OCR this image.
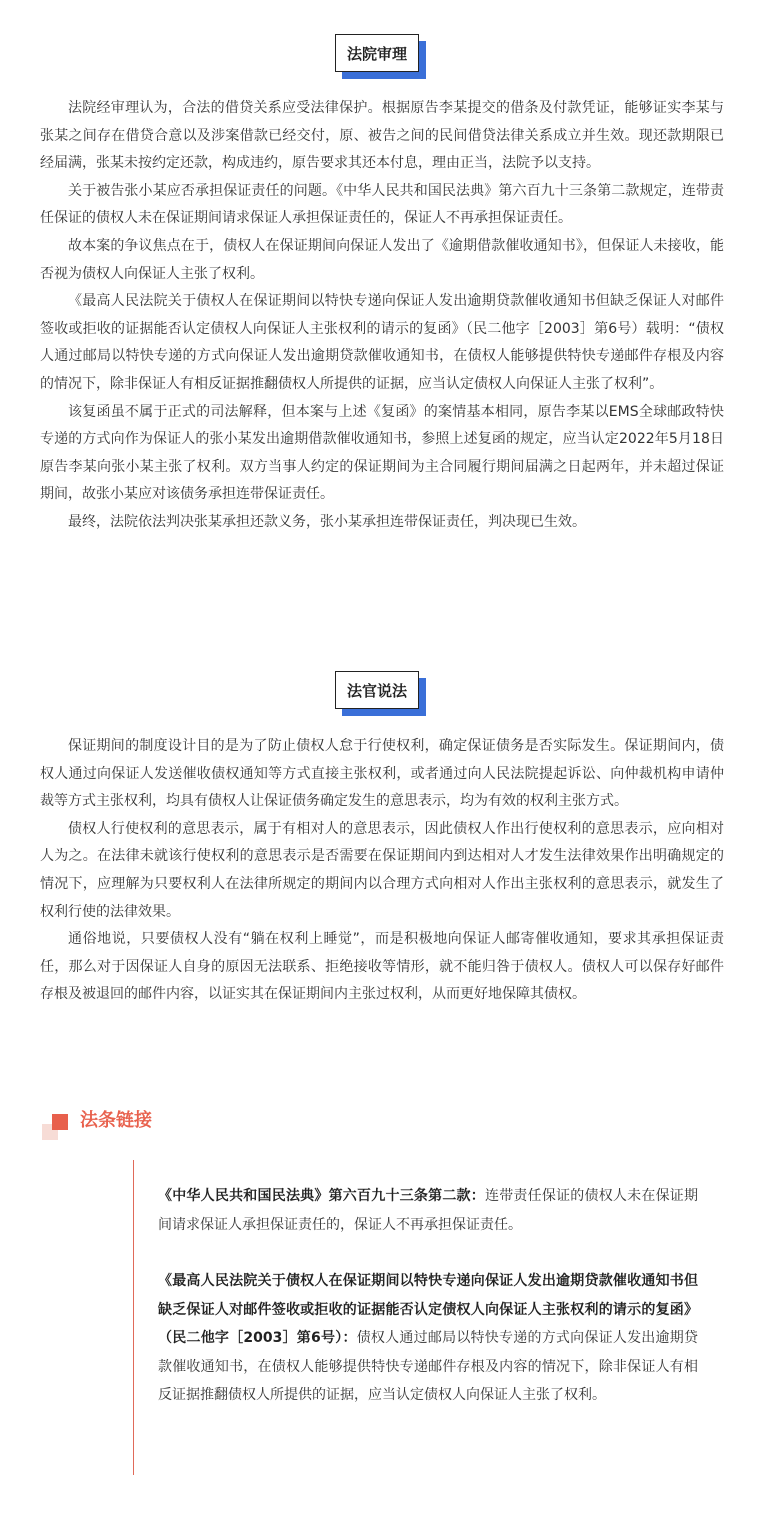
法院审理

法院经审理认为，合法的借贷关系应受法律保护。根据原告李某提交的借条及付款凭证，能够证实李某与张某之间存在借贷合意以及涉案借款已经交付，原、被告之间的民间借贷法律关系成立并生效。现还款期限已经届满，张某未按约定还款，构成违约，原告要求其还本付息，理由正当，法院予以支持。

关于被告张小某应否承担保证责任的问题。《中华人民共和国民法典》第六百九十三条第二款规定，连带责任保证的债权人未在保证期间请求保证人承担保证责任的，保证人不再承担保证责任。

故本案的争议焦点在于，债权人在保证期间向保证人发出了《逾期借款催收通知书》，但保证人未接收，能否视为债权人向保证人主张了权利。

《最高人民法院关于债权人在保证期间以特快专递向保证人发出逾期贷款催收通知书但缺乏保证人对邮件签收或拒收的证据能否认定债权人向保证人主张权利的请示的复函》（民二他字［2003］第6号）载明：“债权人通过邮局以特快专递的方式向保证人发出逾期贷款催收通知书，在债权人能够提供特快专递邮件存根及内容的情况下，除非保证人有相反证据推翻债权人所提供的证据，应当认定债权人向保证人主张了权利”。

该复函虽不属于正式的司法解释，但本案与上述《复函》的案情基本相同，原告李某以EMS全球邮政特快专递的方式向作为保证人的张小某发出逾期借款催收通知书，参照上述复函的规定，应当认定2022年5月18日原告李某向张小某主张了权利。双方当事人约定的保证期间为主合同履行期间届满之日起两年，并未超过保证期间，故张小某应对该债务承担连带保证责任。

最终，法院依法判决张某承担还款义务，张小某承担连带保证责任，判决现已生效。

法官说法

保证期间的制度设计目的是为了防止债权人怠于行使权利，确定保证债务是否实际发生。保证期间内，债权人通过向保证人发送催收债权通知等方式直接主张权利，或者通过向人民法院提起诉讼、向仲裁机构申请仲裁等方式主张权利，均具有债权人让保证债务确定发生的意思表示，均为有效的权利主张方式。

债权人行使权利的意思表示，属于有相对人的意思表示，因此债权人作出行使权利的意思表示，应向相对人为之。在法律未就该行使权利的意思表示是否需要在保证期间内到达相对人才发生法律效果作出明确规定的情况下，应理解为只要权利人在法律所规定的期间内以合理方式向相对人作出主张权利的意思表示，就发生了权利行使的法律效果。

通俗地说，只要债权人没有“躺在权利上睡觉”，而是积极地向保证人邮寄催收通知，要求其承担保证责任，那么对于因保证人自身的原因无法联系、拒绝接收等情形，就不能归咎于债权人。债权人可以保存好邮件存根及被退回的邮件内容，以证实其在保证期间内主张过权利，从而更好地保障其债权。

法条链接

《中华人民共和国民法典》第六百九十三条第二款：连带责任保证的债权人未在保证期间请求保证人承担保证责任的，保证人不再承担保证责任。

《最高人民法院关于债权人在保证期间以特快专递向保证人发出逾期贷款催收通知书但缺乏保证人对邮件签收或拒收的证据能否认定债权人向保证人主张权利的请示的复函》（民二他字［2003］第6号）：债权人通过邮局以特快专递的方式向保证人发出逾期贷款催收通知书，在债权人能够提供特快专递邮件存根及内容的情况下，除非保证人有相反证据推翻债权人所提供的证据，应当认定债权人向保证人主张了权利。
